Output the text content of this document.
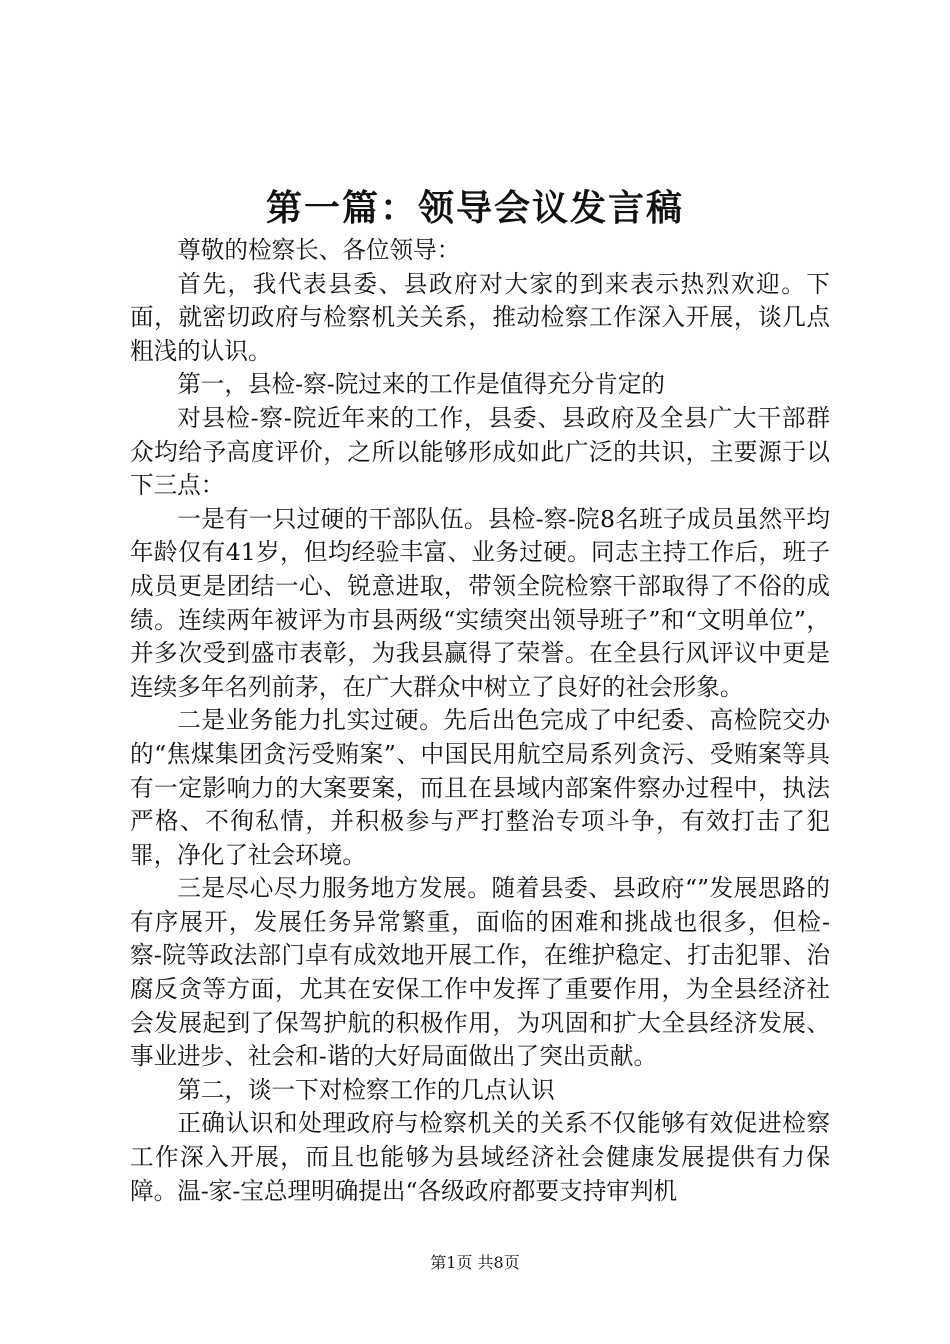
第一篇：领导会议发言稿

尊敬的检察长、各位领导：

首先，我代表县委、县政府对大家的到来表示热烈欢迎。下面，就密切政府与检察机关关系，推动检察工作深入开展，谈几点粗浅的认识。

第一，县检-察-院过来的工作是值得充分肯定的

对县检-察-院近年来的工作，县委、县政府及全县广大干部群众均给予高度评价，之所以能够形成如此广泛的共识，主要源于以下三点：

一是有一只过硬的干部队伍。县检-察-院8名班子成员虽然平均年龄仅有41岁，但均经验丰富、业务过硬。同志主持工作后，班子成员更是团结一心、锐意进取，带领全院检察干部取得了不俗的成绩。连续两年被评为市县两级“实绩突出领导班子”和“文明单位”，并多次受到盛市表彰，为我县赢得了荣誉。在全县行风评议中更是连续多年名列前茅，在广大群众中树立了良好的社会形象。

二是业务能力扎实过硬。先后出色完成了中纪委、高检院交办的“焦煤集团贪污受贿案”、中国民用航空局系列贪污、受贿案等具有一定影响力的大案要案，而且在县域内部案件察办过程中，执法严格、不徇私情，并积极参与严打整治专项斗争，有效打击了犯罪，净化了社会环境。

三是尽心尽力服务地方发展。随着县委、县政府“”发展思路的有序展开，发展任务异常繁重，面临的困难和挑战也很多，但检-察-院等政法部门卓有成效地开展工作，在维护稳定、打击犯罪、治腐反贪等方面，尤其在安保工作中发挥了重要作用，为全县经济社会发展起到了保驾护航的积极作用，为巩固和扩大全县经济发展、事业进步、社会和-谐的大好局面做出了突出贡献。

第二，谈一下对检察工作的几点认识

正确认识和处理政府与检察机关的关系不仅能够有效促进检察工作深入开展，而且也能够为县域经济社会健康发展提供有力保障。温-家-宝总理明确提出“各级政府都要支持审判机

第1页 共8页
